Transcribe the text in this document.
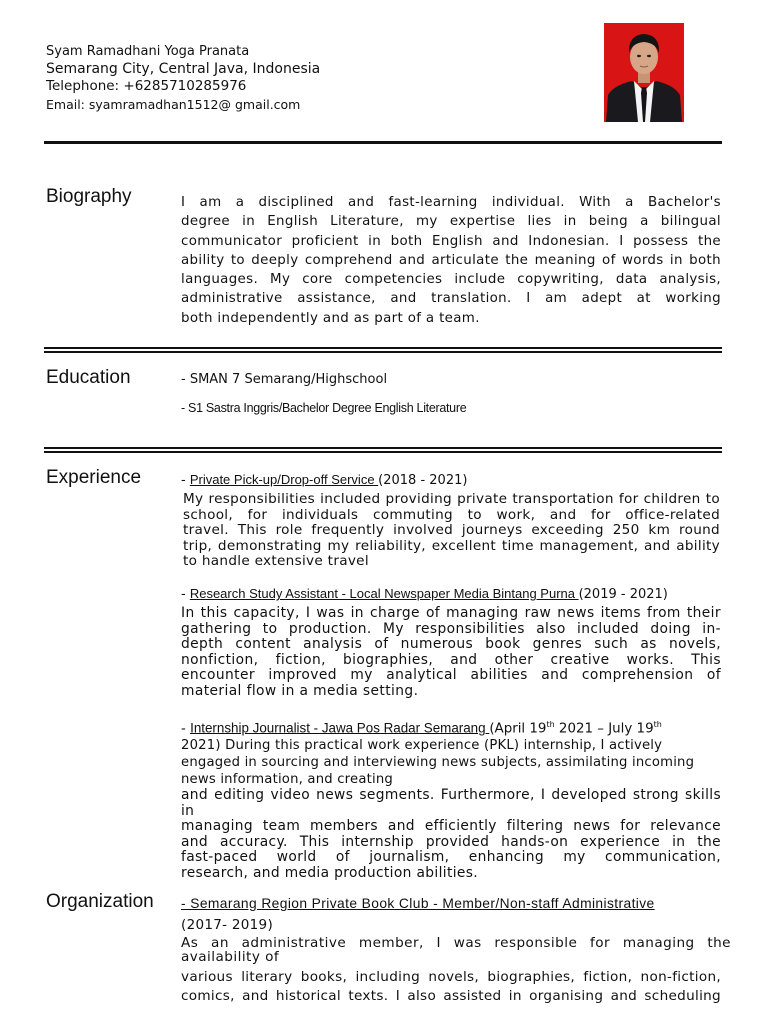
Syam Ramadhani Yoga Pranata
Semarang City, Central Java, Indonesia
Telephone: +6285710285976
Email: syamramadhan1512@ gmail.com
Biography	I am a disciplined and fast-learning individual. With a Bachelor's
degree in English Literature, my expertise lies in being a bilingual
communicator proficient in both English and Indonesian. I possess the
ability to deeply comprehend and articulate the meaning of words in both
languages. My core competencies include copywriting, data analysis,
administrative assistance, and translation. I am adept at working
both independently and as part of a team.
Education	- SMAN 7 Semarang/Highschool
- S1 Sastra Inggris/Bachelor Degree English Literature
Experience	- Private Pick-up/Drop-off Service (2018 - 2021)
My responsibilities included providing private transportation for children to
school, for individuals commuting to work, and for office-related
travel. This role frequently involved journeys exceeding 250 km round
trip, demonstrating my reliability, excellent time management, and ability
to handle extensive travel
- Research Study Assistant - Local Newspaper Media Bintang Purna (2019 - 2021)
In this capacity, I was in charge of managing raw news items from their
gathering to production. My responsibilities also included doing in-
depth content analysis of numerous book genres such as novels,
nonfiction, fiction, biographies, and other creative works. This
encounter improved my analytical abilities and comprehension of
material flow in a media setting.
- Internship Journalist - Jawa Pos Radar Semarang (April 19th 2021 – July 19th
2021) During this practical work experience (PKL) internship, I actively
engaged in sourcing and interviewing news subjects, assimilating incoming
news information, and creating
and editing video news segments. Furthermore, I developed strong skills in
managing team members and efficiently filtering news for relevance
and accuracy. This internship provided hands-on experience in the
fast-paced world of journalism, enhancing my communication,
research, and media production abilities.
Organization - Semarang Region Private Book Club - Member/Non-staff Administrative
(2017- 2019)
As an administrative member, I was responsible for managing the
availability of
various literary books, including novels, biographies, fiction, non-fiction,
comics, and historical texts. I also assisted in organising and scheduling
